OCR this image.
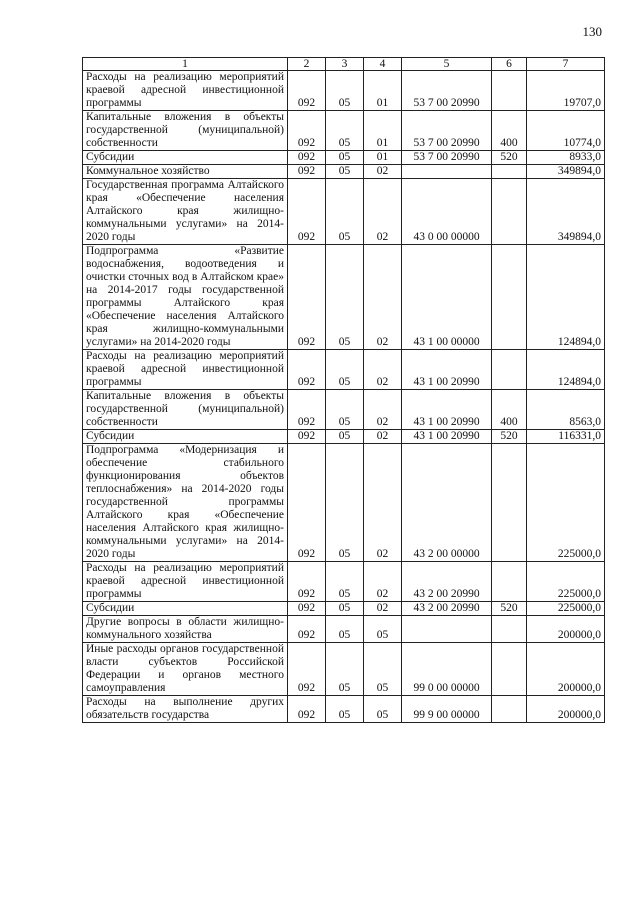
130
1	2	3	4	5	6	7
Расходы на реализацию мероприятий краевой адресной инвестиционной программы	092	05	01	53 7 00 20990		19707,0
Капитальные вложения в объекты государственной (муниципальной) собственности	092	05	01	53 7 00 20990	400	10774,0
Субсидии	092	05	01	53 7 00 20990	520	8933,0
Коммунальное хозяйство	092	05	02			349894,0
Государственная программа Алтайского края «Обеспечение населения Алтайского края жилищно-коммунальными услугами» на 2014-2020 годы	092	05	02	43 0 00 00000		349894,0
Подпрограмма «Развитие водоснабжения, водоотведения и очистки сточных вод в Алтайском крае» на 2014-2017 годы государственной программы Алтайского края «Обеспечение населения Алтайского края жилищно-коммунальными услугами» на 2014-2020 годы	092	05	02	43 1 00 00000		124894,0
Расходы на реализацию мероприятий краевой адресной инвестиционной программы	092	05	02	43 1 00 20990		124894,0
Капитальные вложения в объекты государственной (муниципальной) собственности	092	05	02	43 1 00 20990	400	8563,0
Субсидии	092	05	02	43 1 00 20990	520	116331,0
Подпрограмма «Модернизация и обеспечение стабильного функционирования объектов теплоснабжения» на 2014-2020 годы государственной программы Алтайского края «Обеспечение населения Алтайского края жилищно-коммунальными услугами» на 2014-2020 годы	092	05	02	43 2 00 00000		225000,0
Расходы на реализацию мероприятий краевой адресной инвестиционной программы	092	05	02	43 2 00 20990		225000,0
Субсидии	092	05	02	43 2 00 20990	520	225000,0
Другие вопросы в области жилищно-коммунального хозяйства	092	05	05			200000,0
Иные расходы органов государственной власти субъектов Российской Федерации и органов местного самоуправления	092	05	05	99 0 00 00000		200000,0
Расходы на выполнение других обязательств государства	092	05	05	99 9 00 00000		200000,0
